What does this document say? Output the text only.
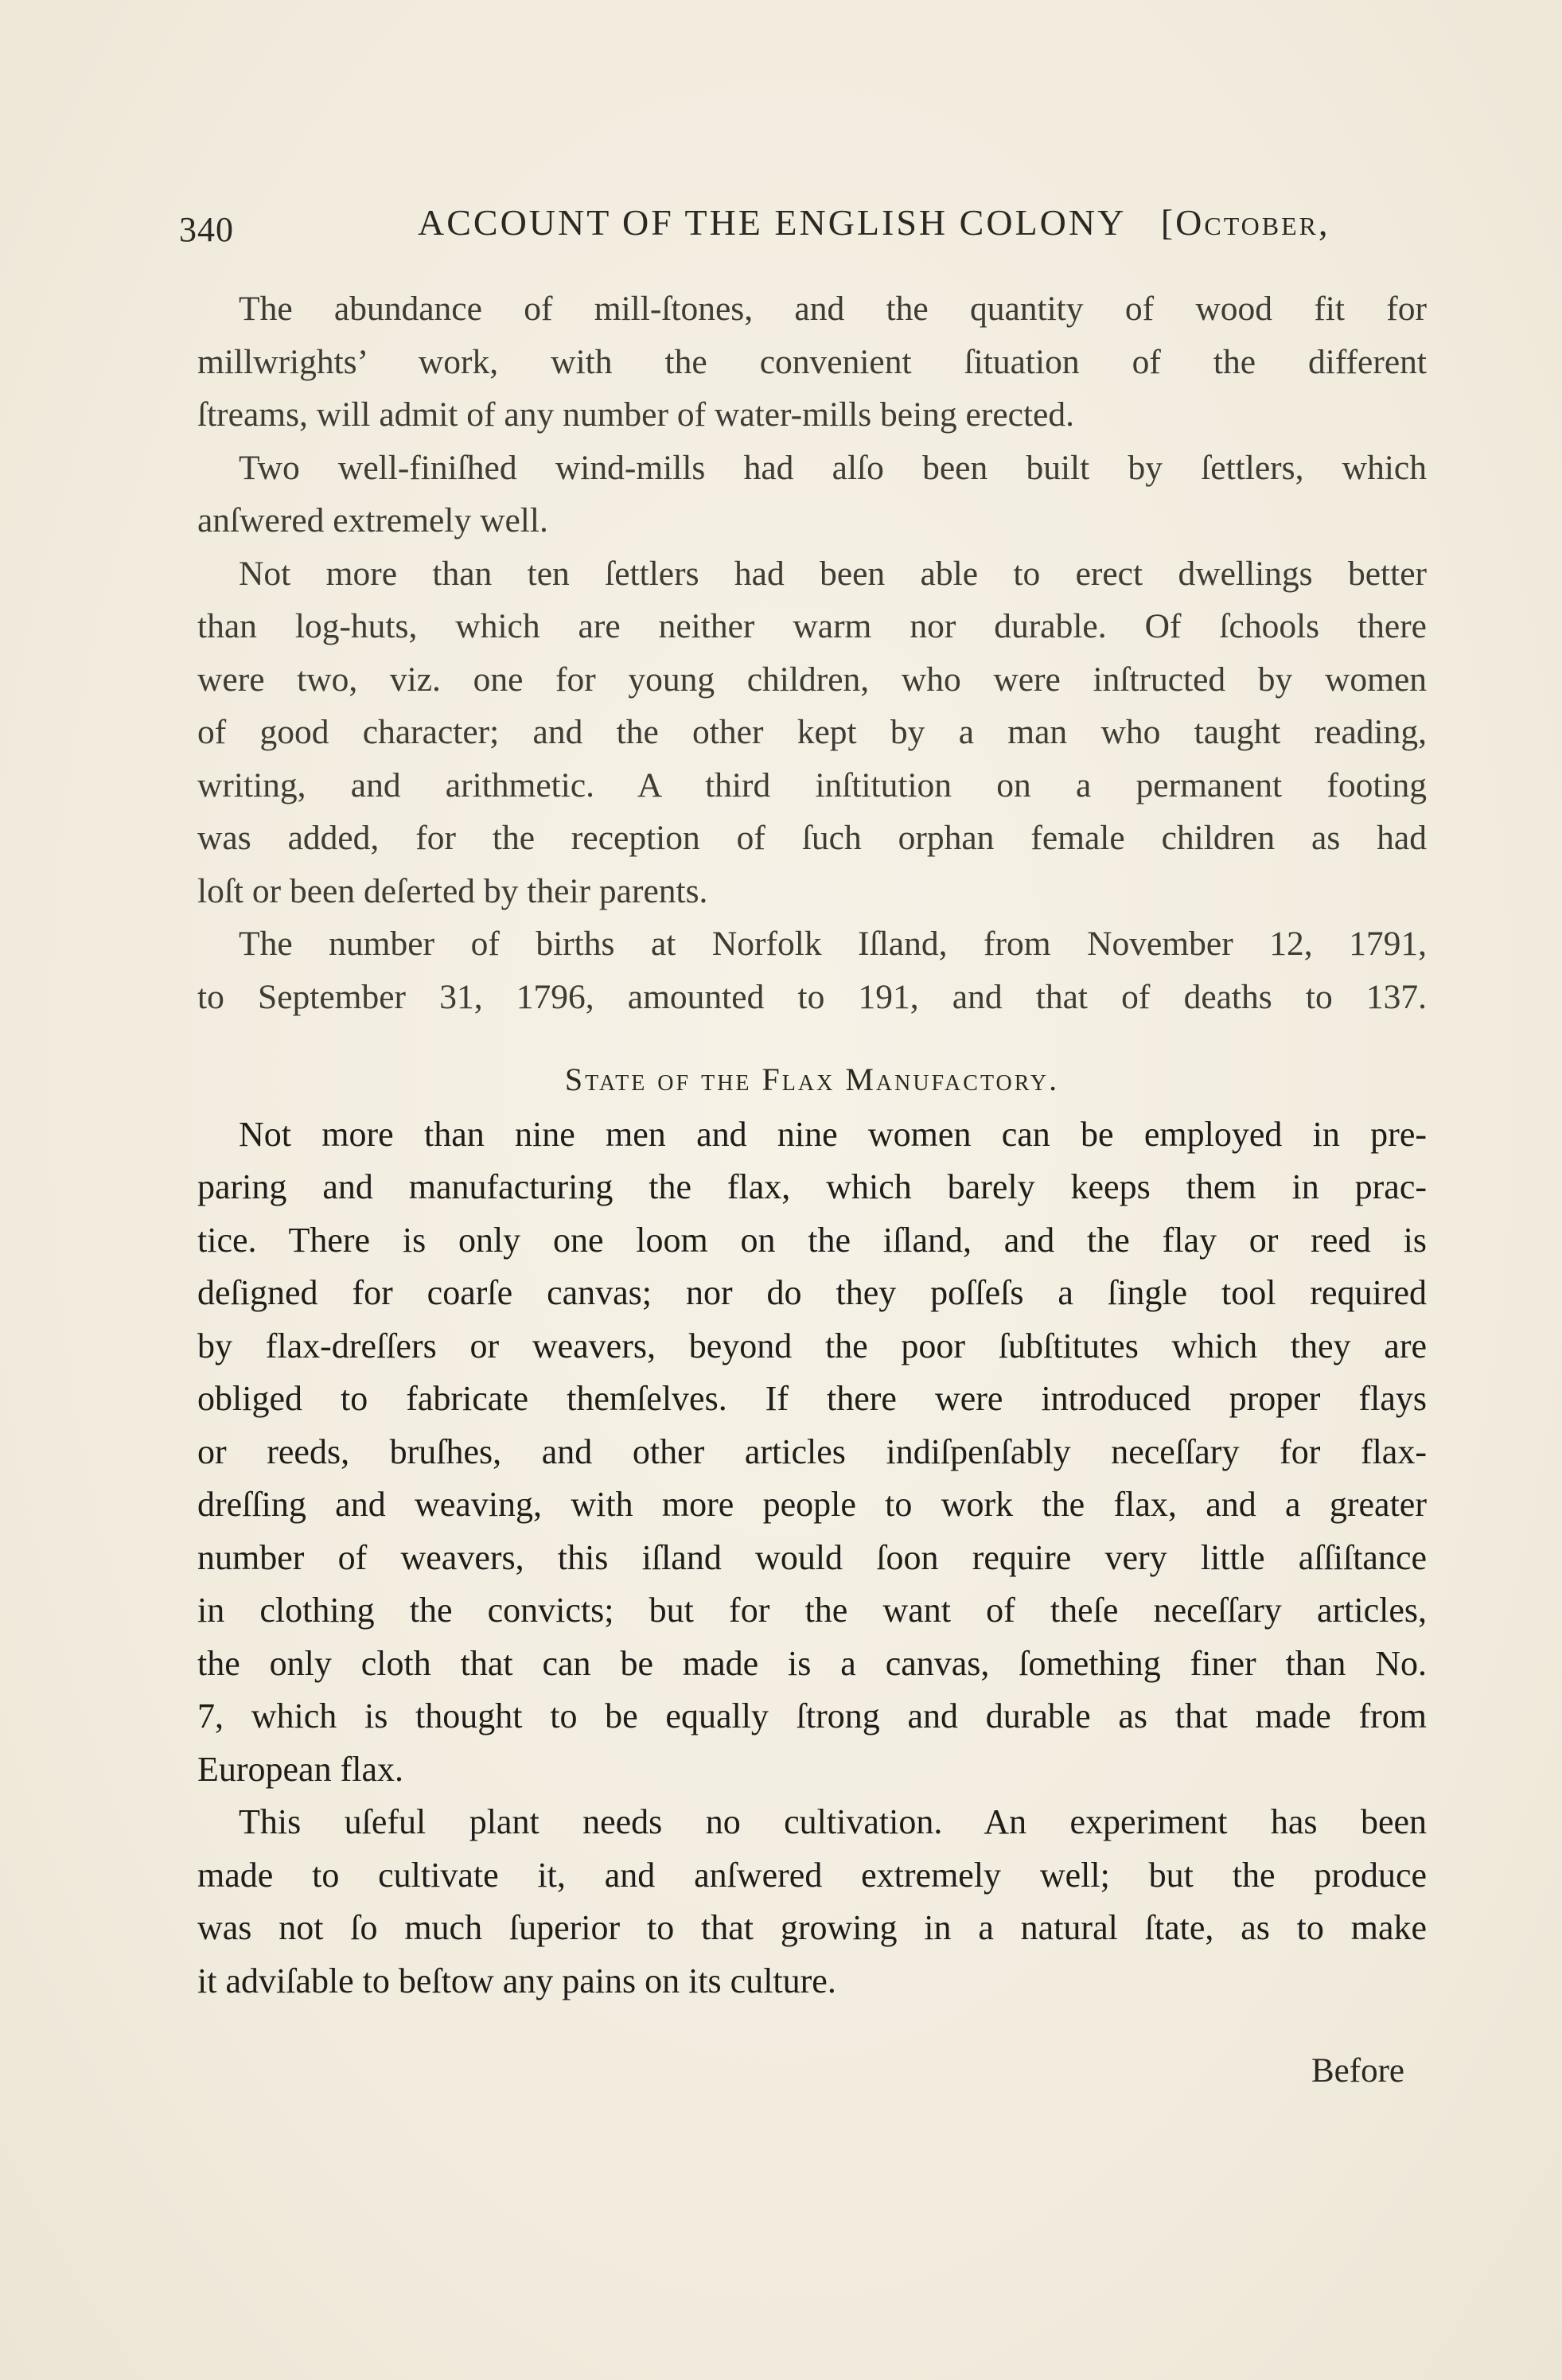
340	ACCOUNT OF THE ENGLISH COLONY [October,
The abundance of mill-ſtones, and the quantity of wood fit for
millwrights’ work, with the convenient ſituation of the different
ſtreams, will admit of any number of water-mills being erected.
Two well-finiſhed wind-mills had alſo been built by ſettlers, which
anſwered extremely well.
Not more than ten ſettlers had been able to erect dwellings better
than log-huts, which are neither warm nor durable. Of ſchools there
were two, viz. one for young children, who were inſtructed by women
of good character; and the other kept by a man who taught reading,
writing, and arithmetic. A third inſtitution on a permanent footing
was added, for the reception of ſuch orphan female children as had
loſt or been deſerted by their parents.
The number of births at Norfolk Iſland, from November 12, 1791,
to September 31, 1796, amounted to 191, and that of deaths to 137.
State of the Flax Manufactory.
Not more than nine men and nine women can be employed in pre-
paring and manufacturing the flax, which barely keeps them in prac-
tice. There is only one loom on the iſland, and the flay or reed is
deſigned for coarſe canvas; nor do they poſſeſs a ſingle tool required
by flax-dreſſers or weavers, beyond the poor ſubſtitutes which they are
obliged to fabricate themſelves. If there were introduced proper flays
or reeds, bruſhes, and other articles indiſpenſably neceſſary for flax-
dreſſing and weaving, with more people to work the flax, and a greater
number of weavers, this iſland would ſoon require very little aſſiſtance
in clothing the convicts; but for the want of theſe neceſſary articles,
the only cloth that can be made is a canvas, ſomething finer than No.
7, which is thought to be equally ſtrong and durable as that made from
European flax.
This uſeful plant needs no cultivation. An experiment has been
made to cultivate it, and anſwered extremely well; but the produce
was not ſo much ſuperior to that growing in a natural ſtate, as to make
it adviſable to beſtow any pains on its culture.
Before
